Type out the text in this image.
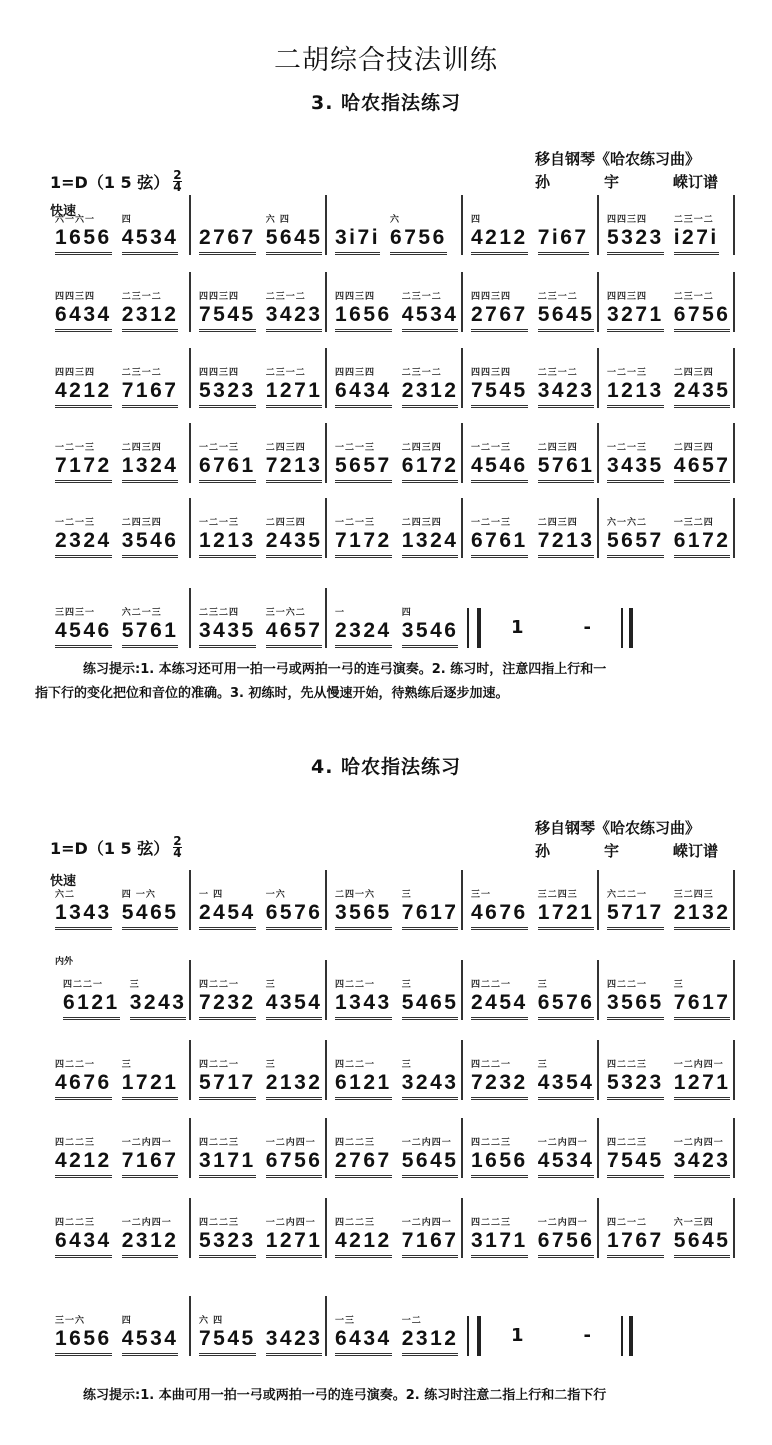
二胡综合技法训练
3. 哈农指法练习
1=D（1 5 弦） $\frac{2}{4}$
移自钢琴《哈农练习曲》
孙	宇	嵘订谱
快速
六一六一
1656
四
4534 2767
六 四
5645 3i7i
六
6756
四
4212 7i67
四四三四
5323
二三一二
i27i
四四三四
6434
二三一二
2312
四四三四
7545
二三一二
3423
四四三四
1656
二三一二
4534
四四三四
2767
二三一二
5645
四四三四
3271
二三一二
6756
四四三四
4212
二三一二
7167
四四三四
5323
二三一二
1271
四四三四
6434
二三一二
2312
四四三四
7545
二三一二
3423
一二一三
1213
二四三四
2435
一二一三
7172
二四三四
1324
一二一三
6761
二四三四
7213
一二一三
5657
二四三四
6172
一二一三
4546
二四三四
5761
一二一三
3435
二四三四
4657
一二一三
2324
二四三四
3546
一二一三
1213
二四三四
2435
一二一三
7172
二四三四
1324
一二一三
6761
二四三四
7213
六一六二
5657
一三二四
6172
三四三一
4546
六二一三
5761
二三二四
3435
三一六二
4657
一
2324
四
3546	1	-
练习提示:1. 本练习还可用一拍一弓或两拍一弓的连弓演奏。2. 练习时，注意四指上行和一
指下行的变化把位和音位的准确。3. 初练时，先从慢速开始，待熟练后逐步加速。
4. 哈农指法练习
1=D（1 5 弦） $\frac{2}{4}$
移自钢琴《哈农练习曲》
孙	宇	嵘订谱
快速
六二
1343
四 一六
5465
一 四
2454
一六
6576
二四一六
3565
三
7617
三一
4676
三二四三
1721
六二二一
5717
三二四三
2132
内外
四二二一
6121
三
3243
四二二一
7232
三
4354
四二二一
1343
三
5465
四二二一
2454
三
6576
四二二一
3565
三
7617
四二二一
4676
三
1721
四二二一
5717
三
2132
四二二一
6121
三
3243
四二二一
7232
三
4354
四二二三
5323
一二内四一
1271
四二二三
4212
一二内四一
7167
四二二三
3171
一二内四一
6756
四二二三
2767
一二内四一
5645
四二二三
1656
一二内四一
4534
四二二三
7545
一二内四一
3423
四二二三
6434
一二内四一
2312
四二二三
5323
一二内四一
1271
四二二三
4212
一二内四一
7167
四二二三
3171
一二内四一
6756
四二一二
1767
六一三四
5645
三一六
1656
四
4534
六 四
7545 3423
一三
6434
一二
2312	1	-
练习提示:1. 本曲可用一拍一弓或两拍一弓的连弓演奏。2. 练习时注意二指上行和二指下行
